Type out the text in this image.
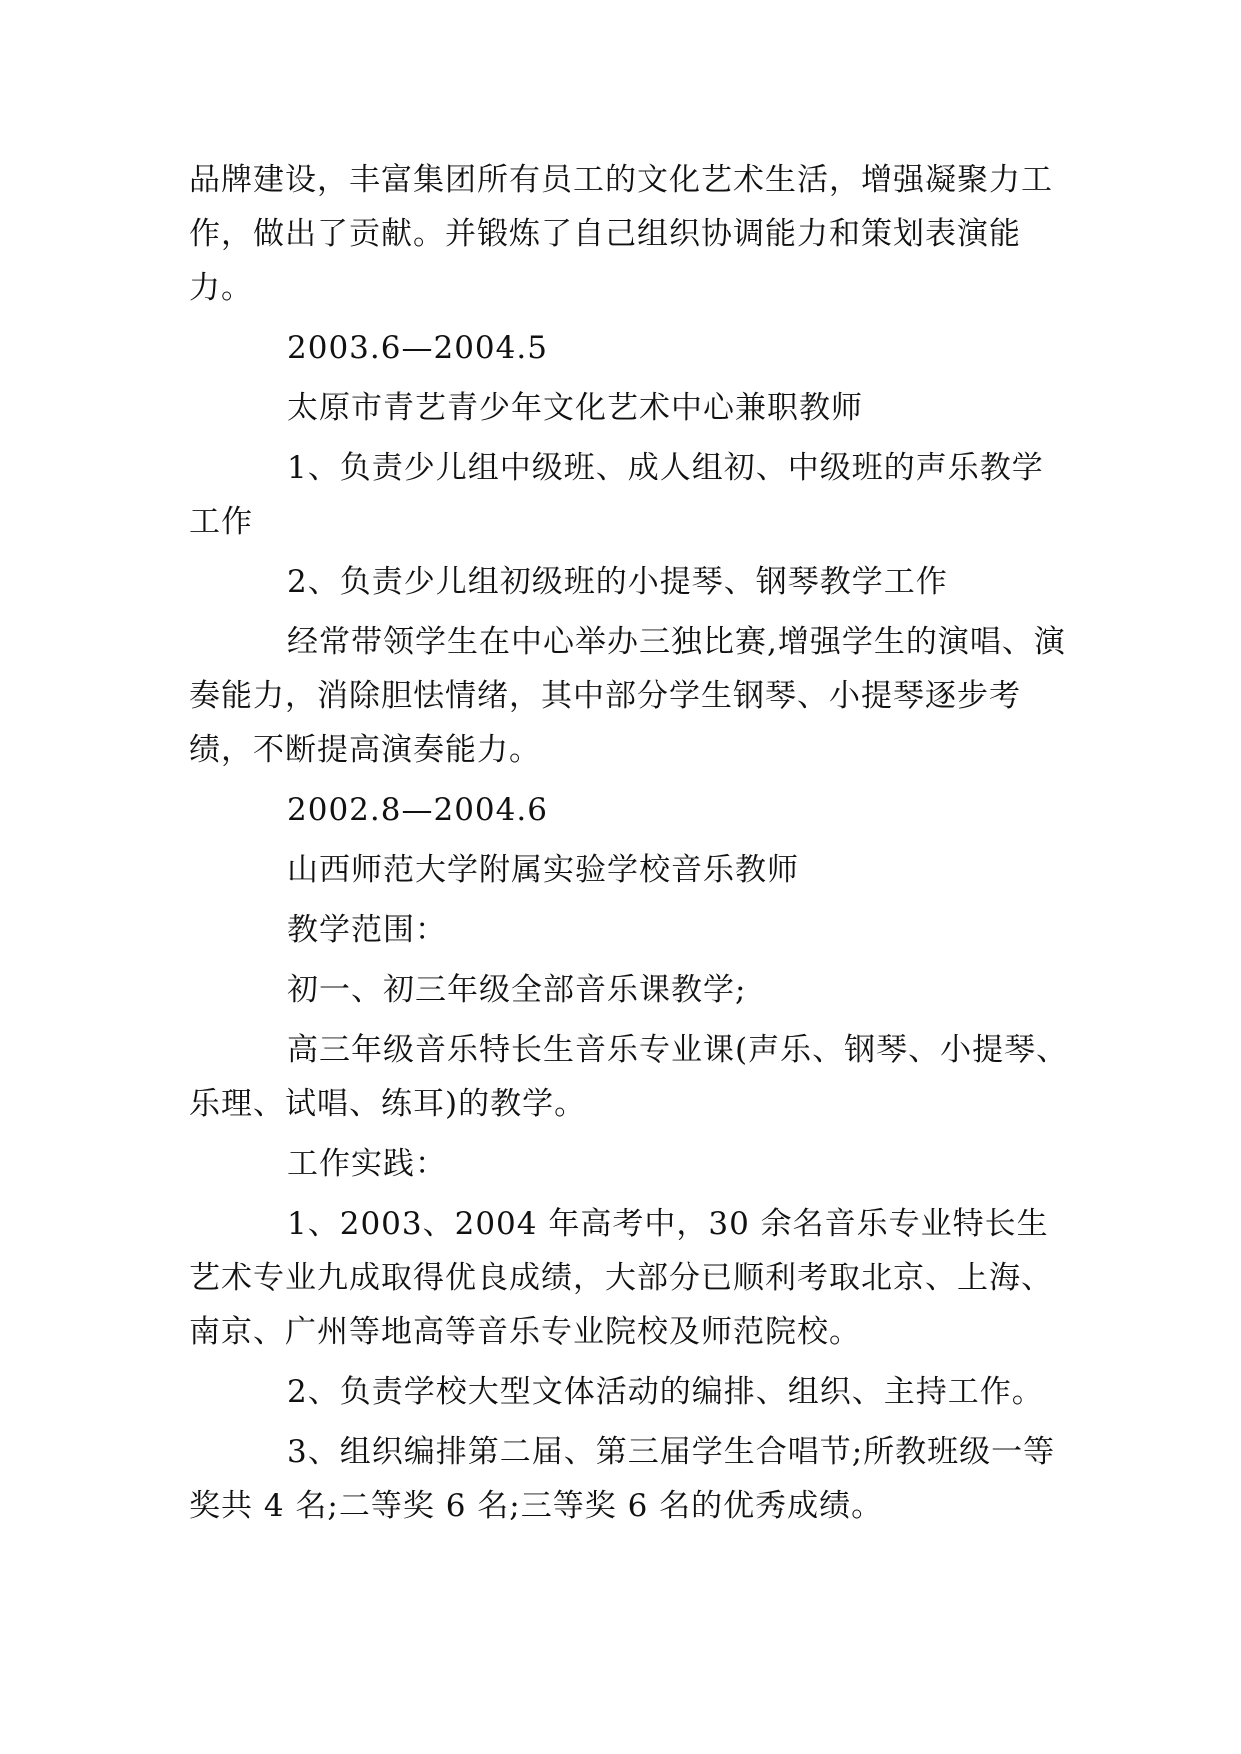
品牌建设，丰富集团所有员工的文化艺术生活，增强凝聚力工作，做出了贡献。并锻炼了自己组织协调能力和策划表演能力。

2003.6—2004.5

太原市青艺青少年文化艺术中心兼职教师

1、负责少儿组中级班、成人组初、中级班的声乐教学工作

2、负责少儿组初级班的小提琴、钢琴教学工作

经常带领学生在中心举办三独比赛,增强学生的演唱、演奏能力，消除胆怯情绪，其中部分学生钢琴、小提琴逐步考绩，不断提高演奏能力。

2002.8—2004.6

山西师范大学附属实验学校音乐教师

教学范围：

初一、初三年级全部音乐课教学;

高三年级音乐特长生音乐专业课(声乐、钢琴、小提琴、乐理、试唱、练耳)的教学。

工作实践：

1、2003、2004 年高考中，30 余名音乐专业特长生艺术专业九成取得优良成绩，大部分已顺利考取北京、上海、南京、广州等地高等音乐专业院校及师范院校。

2、负责学校大型文体活动的编排、组织、主持工作。

3、组织编排第二届、第三届学生合唱节;所教班级一等奖共 4 名;二等奖 6 名;三等奖 6 名的优秀成绩。
